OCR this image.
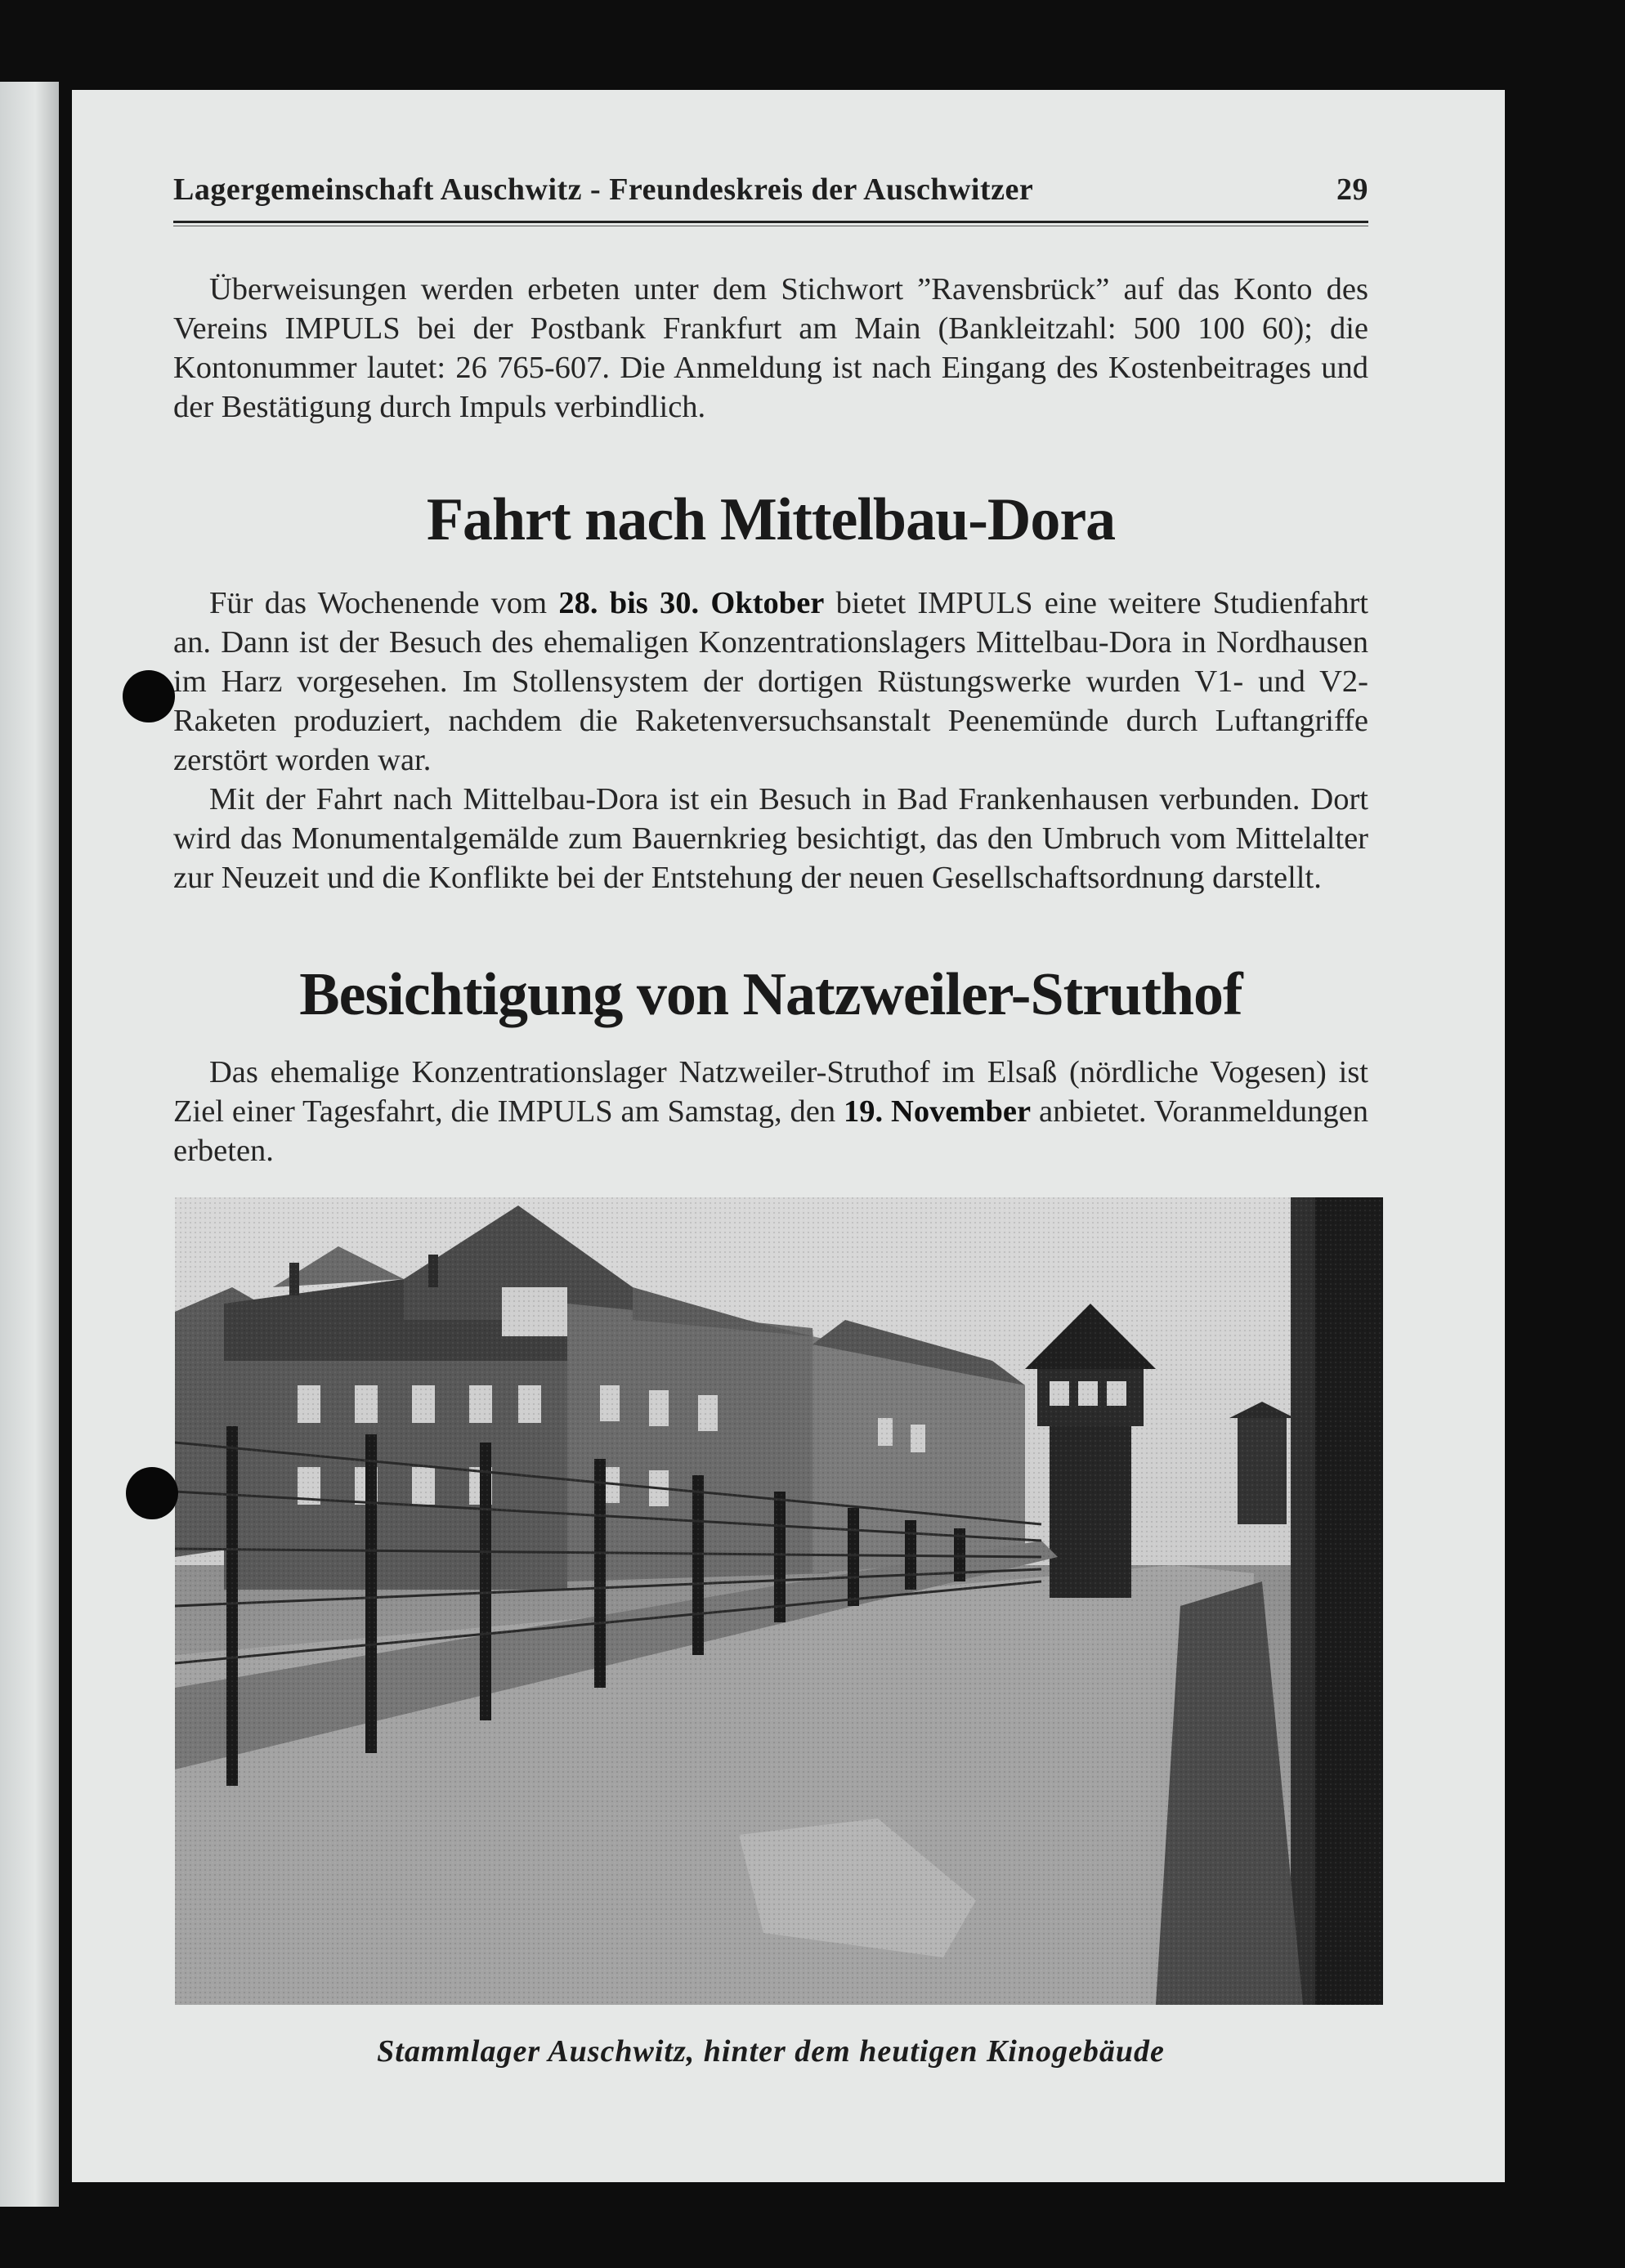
Lagergemeinschaft Auschwitz - Freundeskreis der Auschwitzer	29

Überweisungen werden erbeten unter dem Stichwort ”Ravensbrück” auf das Konto des Vereins IMPULS bei der Postbank Frankfurt am Main (Bankleitzahl: 500 100 60); die Kontonummer lautet: 26 765-607. Die Anmeldung ist nach Eingang des Kostenbeitrages und der Bestätigung durch Impuls verbindlich.

Fahrt nach Mittelbau-Dora

Für das Wochenende vom 28. bis 30. Oktober bietet IMPULS eine weitere Studienfahrt an. Dann ist der Besuch des ehemaligen Konzentrationslagers Mittelbau-Dora in Nordhausen im Harz vorgesehen. Im Stollensystem der dortigen Rüstungswerke wurden V1- und V2-Raketen produziert, nachdem die Raketenversuchsanstalt Peenemünde durch Luftangriffe zerstört worden war.

Mit der Fahrt nach Mittelbau-Dora ist ein Besuch in Bad Frankenhausen verbunden. Dort wird das Monumentalgemälde zum Bauernkrieg besichtigt, das den Umbruch vom Mittelalter zur Neuzeit und die Konflikte bei der Entstehung der neuen Gesellschaftsordnung darstellt.

Besichtigung von Natzweiler-Struthof

Das ehemalige Konzentrationslager Natzweiler-Struthof im Elsaß (nördliche Vogesen) ist Ziel einer Tagesfahrt, die IMPULS am Samstag, den 19. November anbietet. Voranmeldungen erbeten.

Stammlager Auschwitz, hinter dem heutigen Kinogebäude
